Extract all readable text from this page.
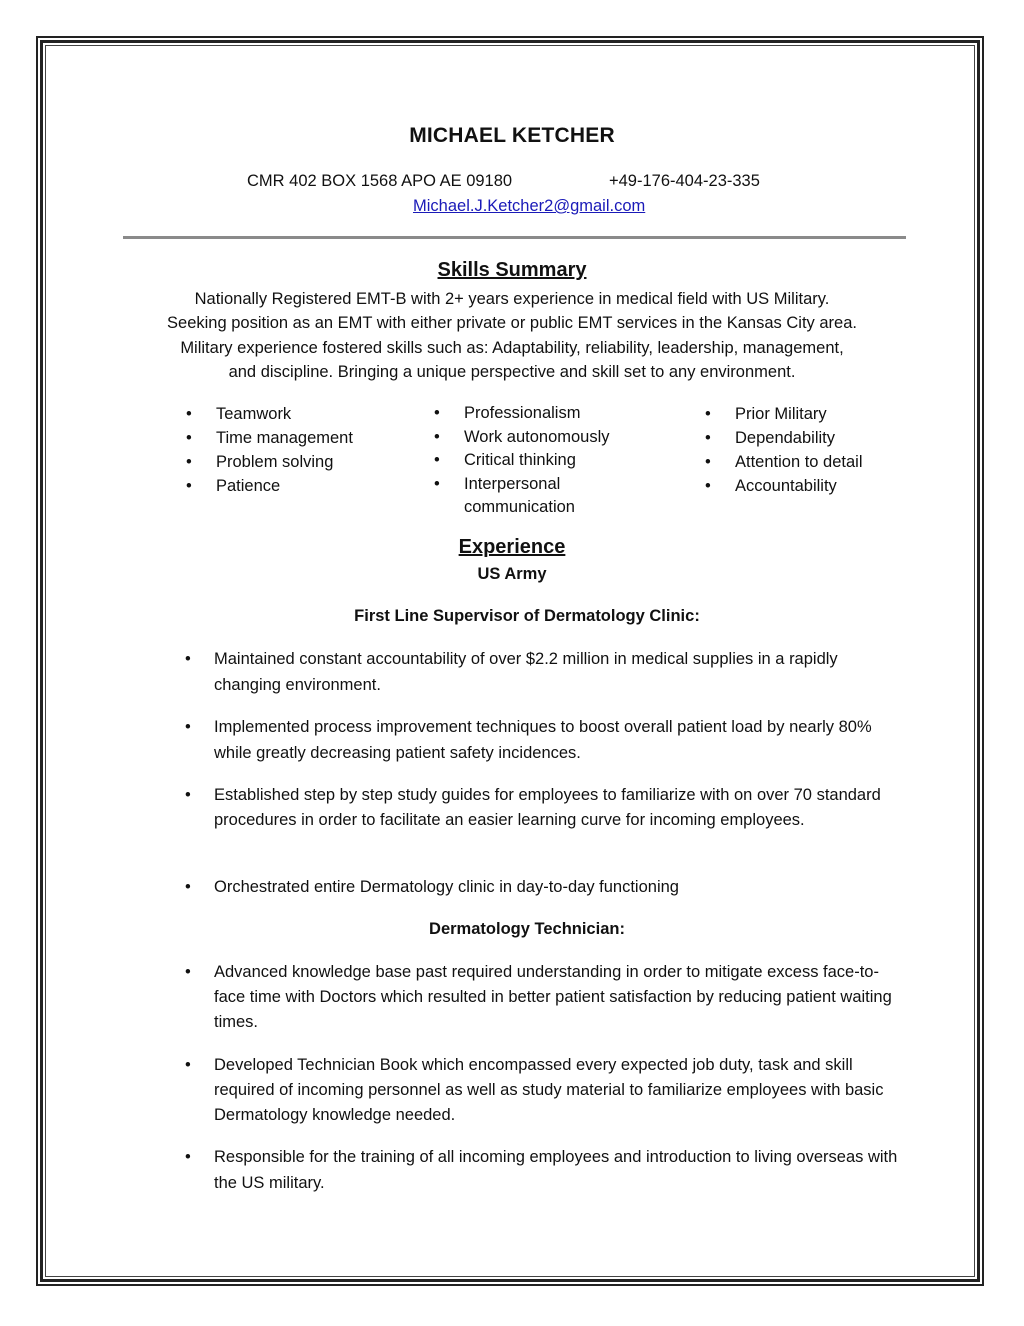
MICHAEL KETCHER
CMR 402 BOX 1568 APO AE 09180	+49-176-404-23-335
Michael.J.Ketcher2@gmail.com
Skills Summary
Nationally Registered EMT-B with 2+ years experience in medical field with US Military.
Seeking position as an EMT with either private or public EMT services in the Kansas City area.
Military experience fostered skills such as: Adaptability, reliability, leadership, management,
and discipline. Bringing a unique perspective and skill set to any environment.
• Teamwork
• Time management
• Problem solving
• Patience
• Professionalism
• Work autonomously
• Critical thinking
• Interpersonal communication
• Prior Military
• Dependability
• Attention to detail
• Accountability
Experience
US Army
First Line Supervisor of Dermatology Clinic:
• Maintained constant accountability of over $2.2 million in medical supplies in a rapidly changing environment.
• Implemented process improvement techniques to boost overall patient load by nearly 80% while greatly decreasing patient safety incidences.
• Established step by step study guides for employees to familiarize with on over 70 standard procedures in order to facilitate an easier learning curve for incoming employees.
• Orchestrated entire Dermatology clinic in day-to-day functioning
Dermatology Technician:
• Advanced knowledge base past required understanding in order to mitigate excess face-to-face time with Doctors which resulted in better patient satisfaction by reducing patient waiting times.
• Developed Technician Book which encompassed every expected job duty, task and skill required of incoming personnel as well as study material to familiarize employees with basic Dermatology knowledge needed.
• Responsible for the training of all incoming employees and introduction to living overseas with the US military.
